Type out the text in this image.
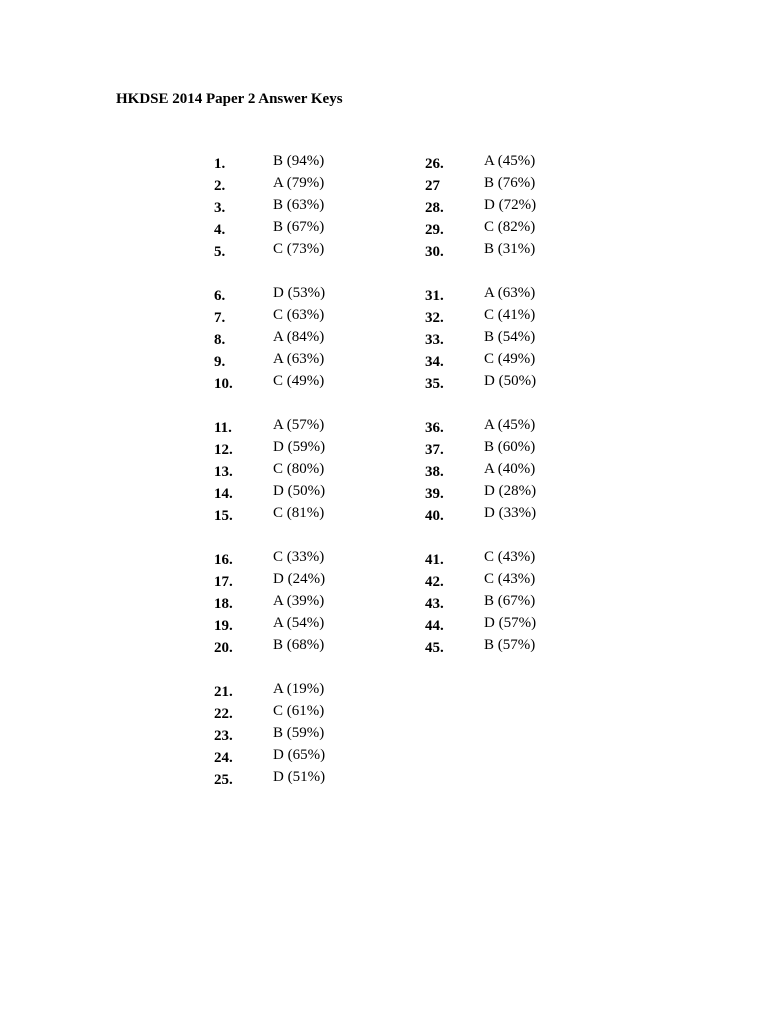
HKDSE 2014 Paper 2 Answer Keys
1.	B (94%)
2.	A (79%)
3.	B (63%)
4.	B (67%)
5.	C (73%)
6.	D (53%)
7.	C (63%)
8.	A (84%)
9.	A (63%)
10.	C (49%)
11.	A (57%)
12.	D (59%)
13.	C (80%)
14.	D (50%)
15.	C (81%)
16.	C (33%)
17.	D (24%)
18.	A (39%)
19.	A (54%)
20.	B (68%)
21.	A (19%)
22.	C (61%)
23.	B (59%)
24.	D (65%)
25.	D (51%)
26.	A (45%)
27	B (76%)
28.	D (72%)
29.	C (82%)
30.	B (31%)
31.	A (63%)
32.	C (41%)
33.	B (54%)
34.	C (49%)
35.	D (50%)
36.	A (45%)
37.	B (60%)
38.	A (40%)
39.	D (28%)
40.	D (33%)
41.	C (43%)
42.	C (43%)
43.	B (67%)
44.	D (57%)
45.	B (57%)
